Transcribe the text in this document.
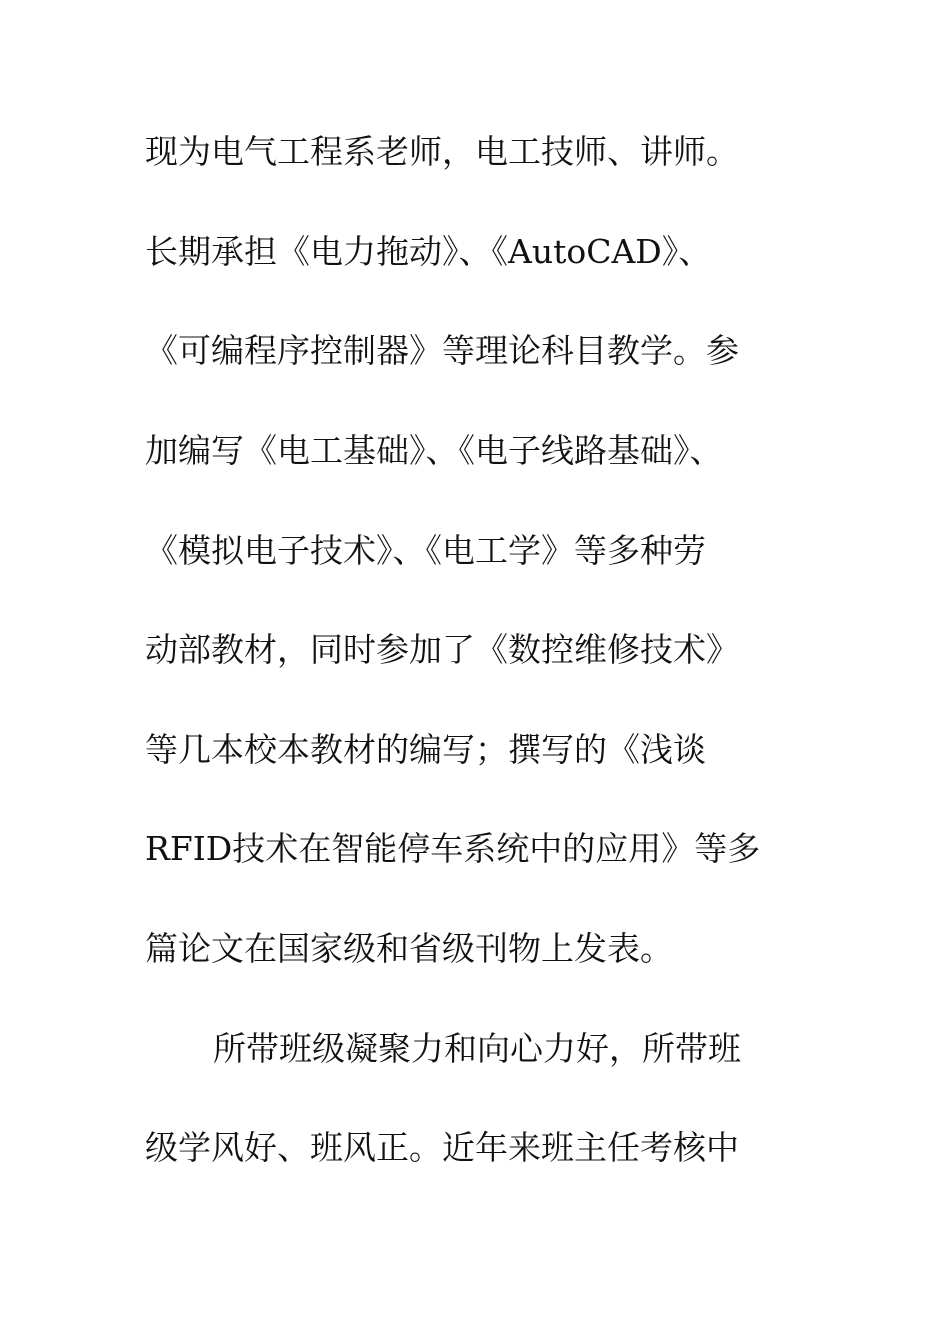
现为电气工程系老师，电工技师、讲师。
长期承担《电力拖动》、《AutoCAD》、
《可编程序控制器》等理论科目教学。参
加编写《电工基础》、《电子线路基础》、
《模拟电子技术》、《电工学》等多种劳
动部教材，同时参加了《数控维修技术》
等几本校本教材的编写；撰写的《浅谈
RFID技术在智能停车系统中的应用》等多
篇论文在国家级和省级刊物上发表。
所带班级凝聚力和向心力好，所带班
级学风好、班风正。近年来班主任考核中
